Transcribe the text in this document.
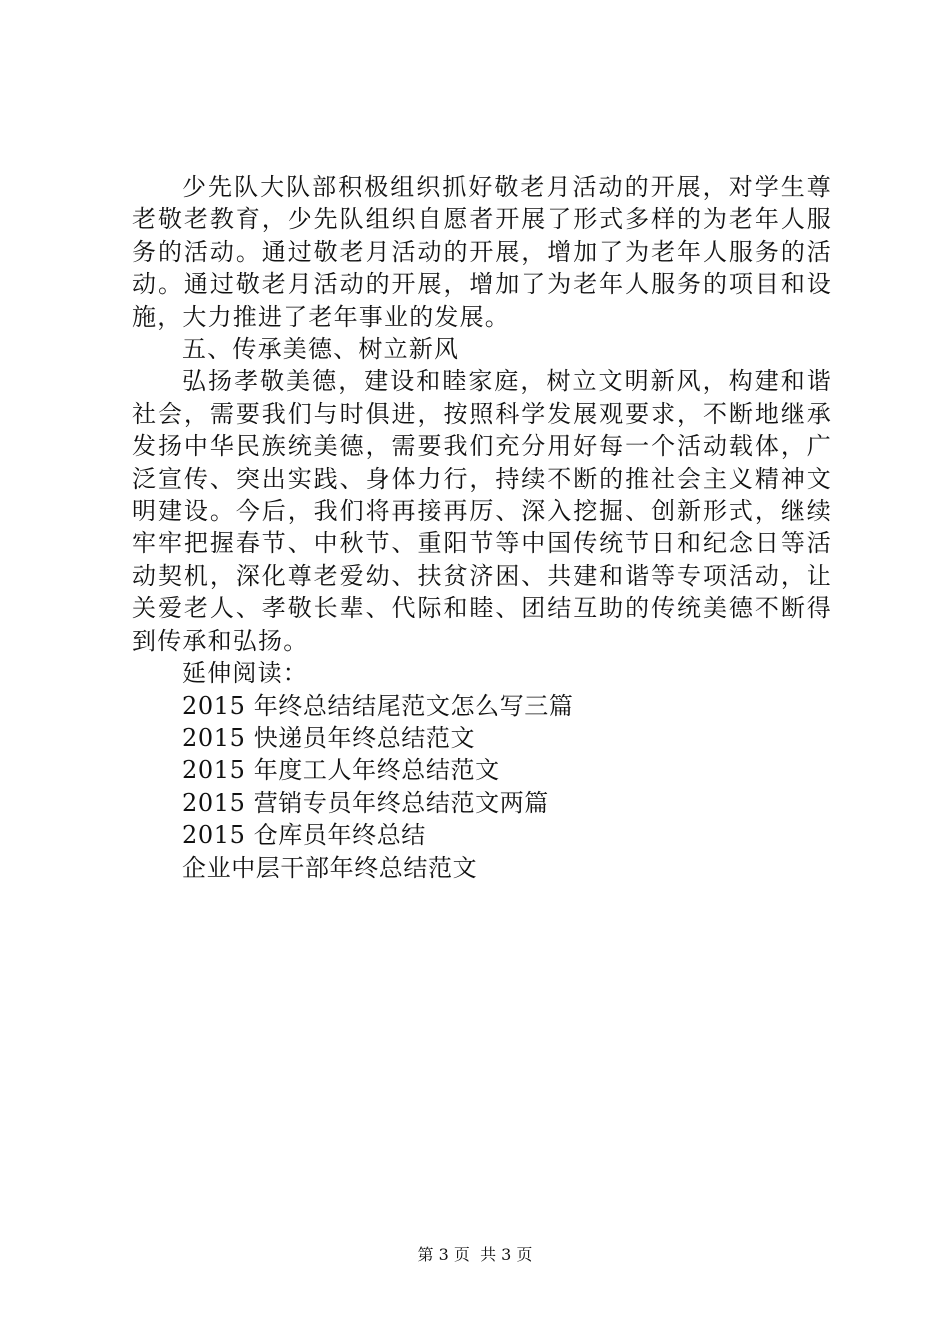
少先队大队部积极组织抓好敬老月活动的开展，对学生尊老敬老教育，少先队组织自愿者开展了形式多样的为老年人服务的活动。通过敬老月活动的开展，增加了为老年人服务的活动。通过敬老月活动的开展，增加了为老年人服务的项目和设施，大力推进了老年事业的发展。

五、传承美德、树立新风

弘扬孝敬美德，建设和睦家庭，树立文明新风，构建和谐社会，需要我们与时俱进，按照科学发展观要求，不断地继承发扬中华民族统美德，需要我们充分用好每一个活动载体，广泛宣传、突出实践、身体力行，持续不断的推社会主义精神文明建设。今后，我们将再接再厉、深入挖掘、创新形式，继续牢牢把握春节、中秋节、重阳节等中国传统节日和纪念日等活动契机，深化尊老爱幼、扶贫济困、共建和谐等专项活动，让关爱老人、孝敬长辈、代际和睦、团结互助的传统美德不断得到传承和弘扬。

延伸阅读：

2015 年终总结结尾范文怎么写三篇
2015 快递员年终总结范文
2015 年度工人年终总结范文
2015 营销专员年终总结范文两篇
2015 仓库员年终总结
企业中层干部年终总结范文
第 3 页 共 3 页
